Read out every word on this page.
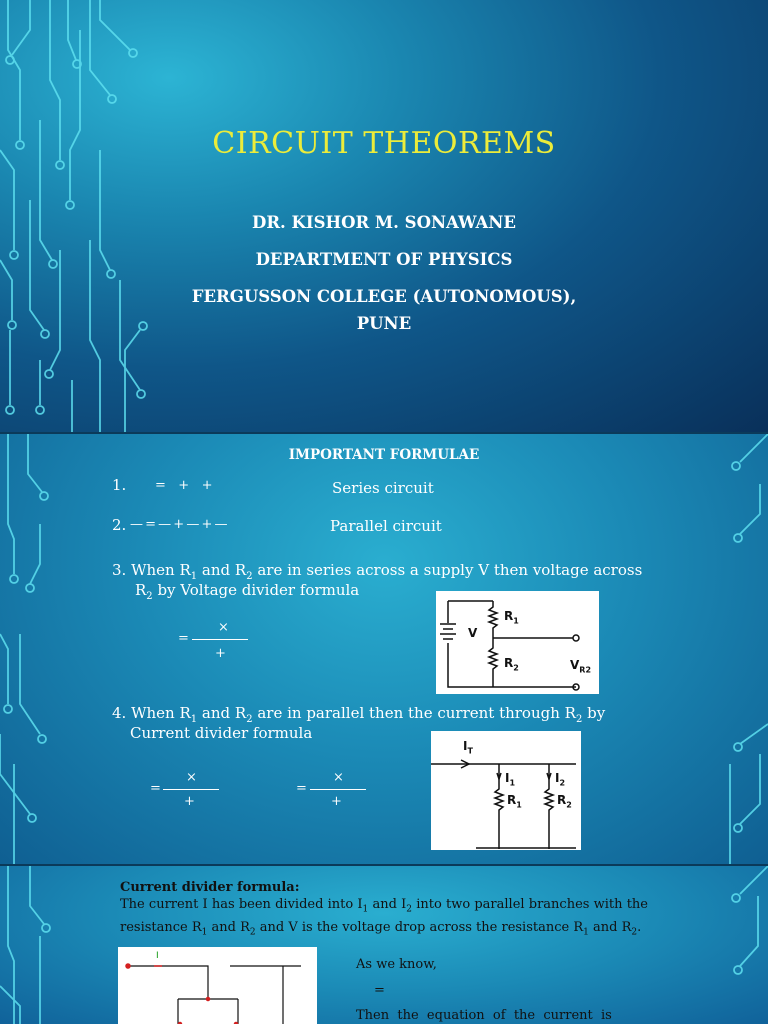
CIRCUIT THEOREMS
DR. KISHOR M. SONAWANE
DEPARTMENT OF PHYSICS
FERGUSSON COLLEGE (AUTONOMOUS),
PUNE
IMPORTANT FORMULAE
1. =   +   +	Series circuit
2. — = — + — + —	Parallel circuit
3. When $R_1$ and $R_2$ are in series across a supply V then voltage across
$R_2$ by Voltage divider formula
=
×
+
V
$R_1$
$R_2$	$V_{R2}$
4. When $R_1$ and $R_2$ are in parallel then the current through $R_2$ by
Current divider formula
=
×
+
=
×
+
$I_T$
$I_1$	$I_2$
$R_1$	$R_2$
Current divider formula:
The current I has been divided into $I_1$ and $I_2$ into two parallel branches with the resistance $R_1$ and $R_2$ and V is the voltage drop across the resistance $R_1$ and $R_2$.
I
As we know,
=
Then  the  equation  of  the  current  is
